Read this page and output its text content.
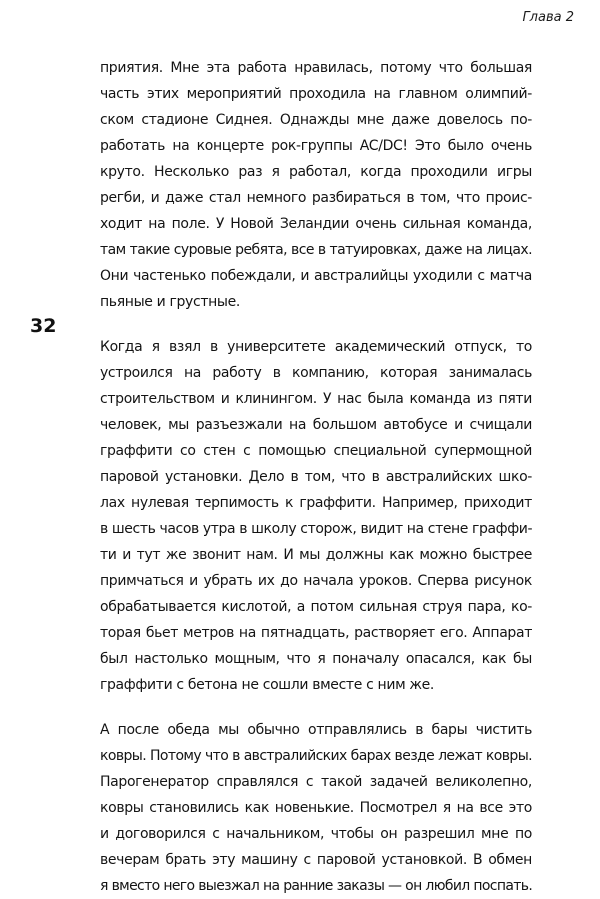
Глава 2
32

приятия. Мне эта работа нравилась, потому что большая
часть этих мероприятий проходила на главном олимпий-
ском стадионе Сиднея. Однажды мне даже довелось по-
работать на концерте рок-группы AC/DC! Это было очень
круто. Несколько раз я работал, когда проходили игры
регби, и даже стал немного разбираться в том, что проис-
ходит на поле. У Новой Зеландии очень сильная команда,
там такие суровые ребята, все в татуировках, даже на лицах.
Они частенько побеждали, и австралийцы уходили с матча
пьяные и грустные.

Когда я взял в университете академический отпуск, то
устроился на работу в компанию, которая занималась
строительством и клинингом. У нас была команда из пяти
человек, мы разъезжали на большом автобусе и счищали
граффити со стен с помощью специальной супермощной
паровой установки. Дело в том, что в австралийских шко-
лах нулевая терпимость к граффити. Например, приходит
в шесть часов утра в школу сторож, видит на стене граффи-
ти и тут же звонит нам. И мы должны как можно быстрее
примчаться и убрать их до начала уроков. Сперва рисунок
обрабатывается кислотой, а потом сильная струя пара, ко-
торая бьет метров на пятнадцать, растворяет его. Аппарат
был настолько мощным, что я поначалу опасался, как бы
граффити с бетона не сошли вместе с ним же.

А после обеда мы обычно отправлялись в бары чистить
ковры. Потому что в австралийских барах везде лежат ковры.
Парогенератор справлялся с такой задачей великолепно,
ковры становились как новенькие. Посмотрел я на все это
и договорился с начальником, чтобы он разрешил мне по
вечерам брать эту машину с паровой установкой. В обмен
я вместо него выезжал на ранние заказы — он любил поспать.
